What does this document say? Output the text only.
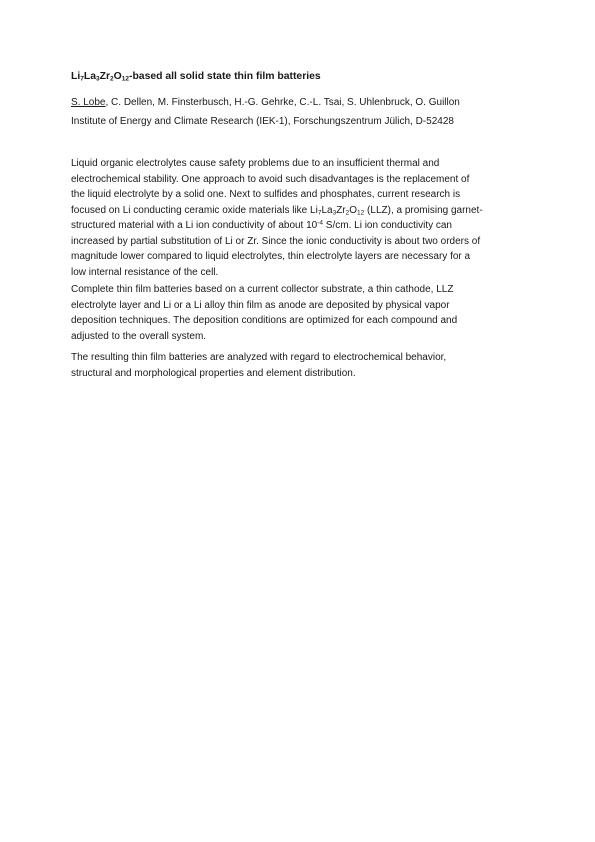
$Li_7La_3Zr_2O_{12}$-based all solid state thin film batteries
S. Lobe, C. Dellen, M. Finsterbusch, H.-G. Gehrke, C.-L. Tsai, S. Uhlenbruck, O. Guillon
Institute of Energy and Climate Research (IEK-1), Forschungszentrum Jülich, D-52428
Liquid organic electrolytes cause safety problems due to an insufficient thermal and
electrochemical stability. One approach to avoid such disadvantages is the replacement of
the liquid electrolyte by a solid one. Next to sulfides and phosphates, current research is
focused on Li conducting ceramic oxide materials like $Li_7La_3Zr_2O_{12}$ (LLZ), a promising garnet-
structured material with a Li ion conductivity of about $10^{-4}$ S/cm. Li ion conductivity can
increased by partial substitution of Li or Zr. Since the ionic conductivity is about two orders of
magnitude lower compared to liquid electrolytes, thin electrolyte layers are necessary for a
low internal resistance of the cell.
Complete thin film batteries based on a current collector substrate, a thin cathode, LLZ
electrolyte layer and Li or a Li alloy thin film as anode are deposited by physical vapor
deposition techniques. The deposition conditions are optimized for each compound and
adjusted to the overall system.
The resulting thin film batteries are analyzed with regard to electrochemical behavior,
structural and morphological properties and element distribution.
